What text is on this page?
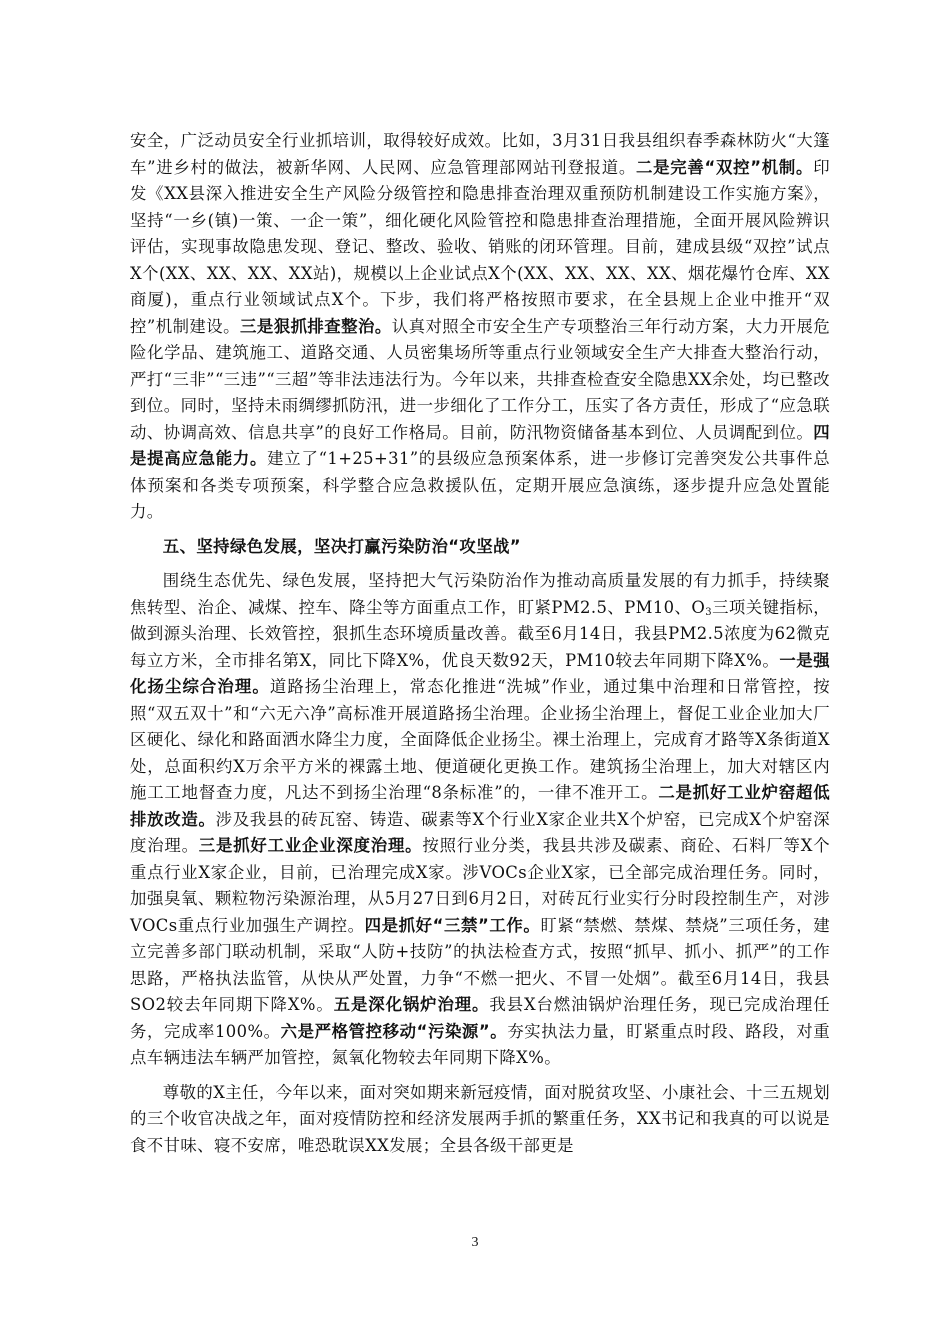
安全，广泛动员安全行业抓培训，取得较好成效。比如，3月31日我县组织春季森林防火“大篷车”进乡村的做法，被新华网、人民网、应急管理部网站刊登报道。二是完善“双控”机制。印发《XX县深入推进安全生产风险分级管控和隐患排查治理双重预防机制建设工作实施方案》，坚持“一乡(镇)一策、一企一策”，细化硬化风险管控和隐患排查治理措施，全面开展风险辨识评估，实现事故隐患发现、登记、整改、验收、销账的闭环管理。目前，建成县级“双控”试点X个(XX、XX、XX、XX站)，规模以上企业试点X个(XX、XX、XX、XX、烟花爆竹仓库、XX商厦)，重点行业领域试点X个。下步，我们将严格按照市要求，在全县规上企业中推开“双控”机制建设。三是狠抓排查整治。认真对照全市安全生产专项整治三年行动方案，大力开展危险化学品、建筑施工、道路交通、人员密集场所等重点行业领域安全生产大排查大整治行动，严打“三非”“三违”“三超”等非法违法行为。今年以来，共排查检查安全隐患XX余处，均已整改到位。同时，坚持未雨绸缪抓防汛，进一步细化了工作分工，压实了各方责任，形成了“应急联动、协调高效、信息共享”的良好工作格局。目前，防汛物资储备基本到位、人员调配到位。四是提高应急能力。建立了“1+25+31”的县级应急预案体系，进一步修订完善突发公共事件总体预案和各类专项预案，科学整合应急救援队伍，定期开展应急演练，逐步提升应急处置能力。

五、坚持绿色发展，坚决打赢污染防治“攻坚战”

围绕生态优先、绿色发展，坚持把大气污染防治作为推动高质量发展的有力抓手，持续聚焦转型、治企、减煤、控车、降尘等方面重点工作，盯紧PM2.5、PM10、$O_3$三项关键指标，做到源头治理、长效管控，狠抓生态环境质量改善。截至6月14日，我县PM2.5浓度为62微克每立方米，全市排名第X，同比下降X%，优良天数92天，PM10较去年同期下降X%。一是强化扬尘综合治理。道路扬尘治理上，常态化推进“洗城”作业，通过集中治理和日常管控，按照“双五双十”和“六无六净”高标准开展道路扬尘治理。企业扬尘治理上，督促工业企业加大厂区硬化、绿化和路面洒水降尘力度，全面降低企业扬尘。裸土治理上，完成育才路等X条街道X处，总面积约X万余平方米的裸露土地、便道硬化更换工作。建筑扬尘治理上，加大对辖区内施工工地督查力度，凡达不到扬尘治理“8条标准”的，一律不准开工。二是抓好工业炉窑超低排放改造。涉及我县的砖瓦窑、铸造、碳素等X个行业X家企业共X个炉窑，已完成X个炉窑深度治理。三是抓好工业企业深度治理。按照行业分类，我县共涉及碳素、商砼、石料厂等X个重点行业X家企业，目前，已治理完成X家。涉VOCs企业X家，已全部完成治理任务。同时，加强臭氧、颗粒物污染源治理，从5月27日到6月2日，对砖瓦行业实行分时段控制生产，对涉VOCs重点行业加强生产调控。四是抓好“三禁”工作。盯紧“禁燃、禁煤、禁烧”三项任务，建立完善多部门联动机制，采取“人防+技防”的执法检查方式，按照“抓早、抓小、抓严”的工作思路，严格执法监管，从快从严处置，力争“不燃一把火、不冒一处烟”。截至6月14日，我县SO2较去年同期下降X%。五是深化锅炉治理。我县X台燃油锅炉治理任务，现已完成治理任务，完成率100%。六是严格管控移动“污染源”。夯实执法力量，盯紧重点时段、路段，对重点车辆违法车辆严加管控，氮氧化物较去年同期下降X%。

尊敬的X主任，今年以来，面对突如期来新冠疫情，面对脱贫攻坚、小康社会、十三五规划的三个收官决战之年，面对疫情防控和经济发展两手抓的繁重任务，XX书记和我真的可以说是食不甘味、寝不安席，唯恐耽误XX发展；全县各级干部更是

3
